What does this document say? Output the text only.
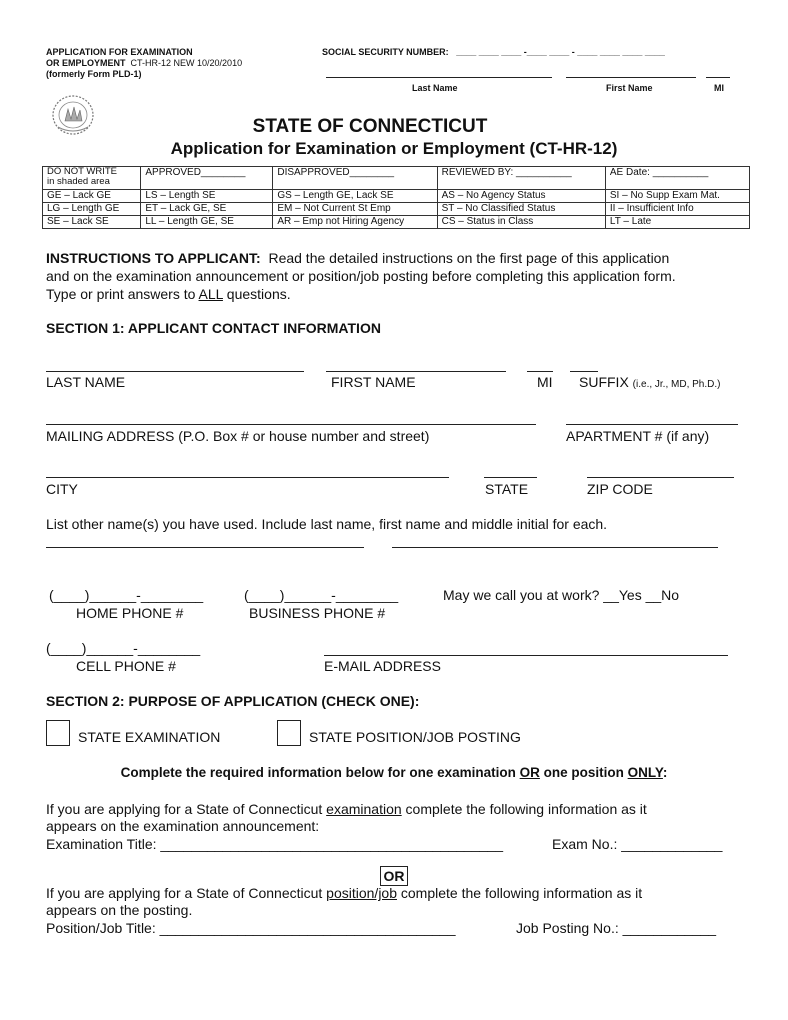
APPLICATION FOR EXAMINATION
OR EMPLOYMENT CT-HR-12 NEW 10/20/2010
(formerly Form PLD-1)
SOCIAL SECURITY NUMBER: ____ ____ ____ -____ ____ - ____ ____ ____ ____
Last Name	First Name	MI
STATE OF CONNECTICUT
Application for Examination or Employment (CT-HR-12)
DO NOT WRITE
in shaded area	APPROVED________	DISAPPROVED________	REVIEWED BY: __________	AE Date: __________
GE – Lack GE	LS – Length SE	GS – Length GE, Lack SE	AS – No Agency Status	SI – No Supp Exam Mat.
LG – Length GE	ET – Lack GE, SE	EM – Not Current St Emp	ST – No Classified Status	II – Insufficient Info
SE – Lack SE	LL – Length GE, SE	AR – Emp not Hiring Agency	CS – Status in Class	LT – Late
INSTRUCTIONS TO APPLICANT: Read the detailed instructions on the first page of this application
and on the examination announcement or position/job posting before completing this application form.
Type or print answers to ALL questions.
SECTION 1: APPLICANT CONTACT INFORMATION
LAST NAME	FIRST NAME	MI SUFFIX (i.e., Jr., MD, Ph.D.)
MAILING ADDRESS (P.O. Box # or house number and street)	APARTMENT # (if any)
CITY	STATE	ZIP CODE
List other name(s) you have used. Include last name, first name and middle initial for each.
(____)______-________	(____)______-________	May we call you at work? __Yes __No
HOME PHONE #	BUSINESS PHONE #
(____)______-________
CELL PHONE #	E-MAIL ADDRESS
SECTION 2: PURPOSE OF APPLICATION (CHECK ONE):
STATE EXAMINATION	STATE POSITION/JOB POSTING
Complete the required information below for one examination OR one position ONLY:
If you are applying for a State of Connecticut examination complete the following information as it
appears on the examination announcement:
Examination Title: ____________________________________________	Exam No.: _____________
OR
If you are applying for a State of Connecticut position/job complete the following information as it
appears on the posting.
Position/Job Title: ______________________________________	Job Posting No.: ____________
